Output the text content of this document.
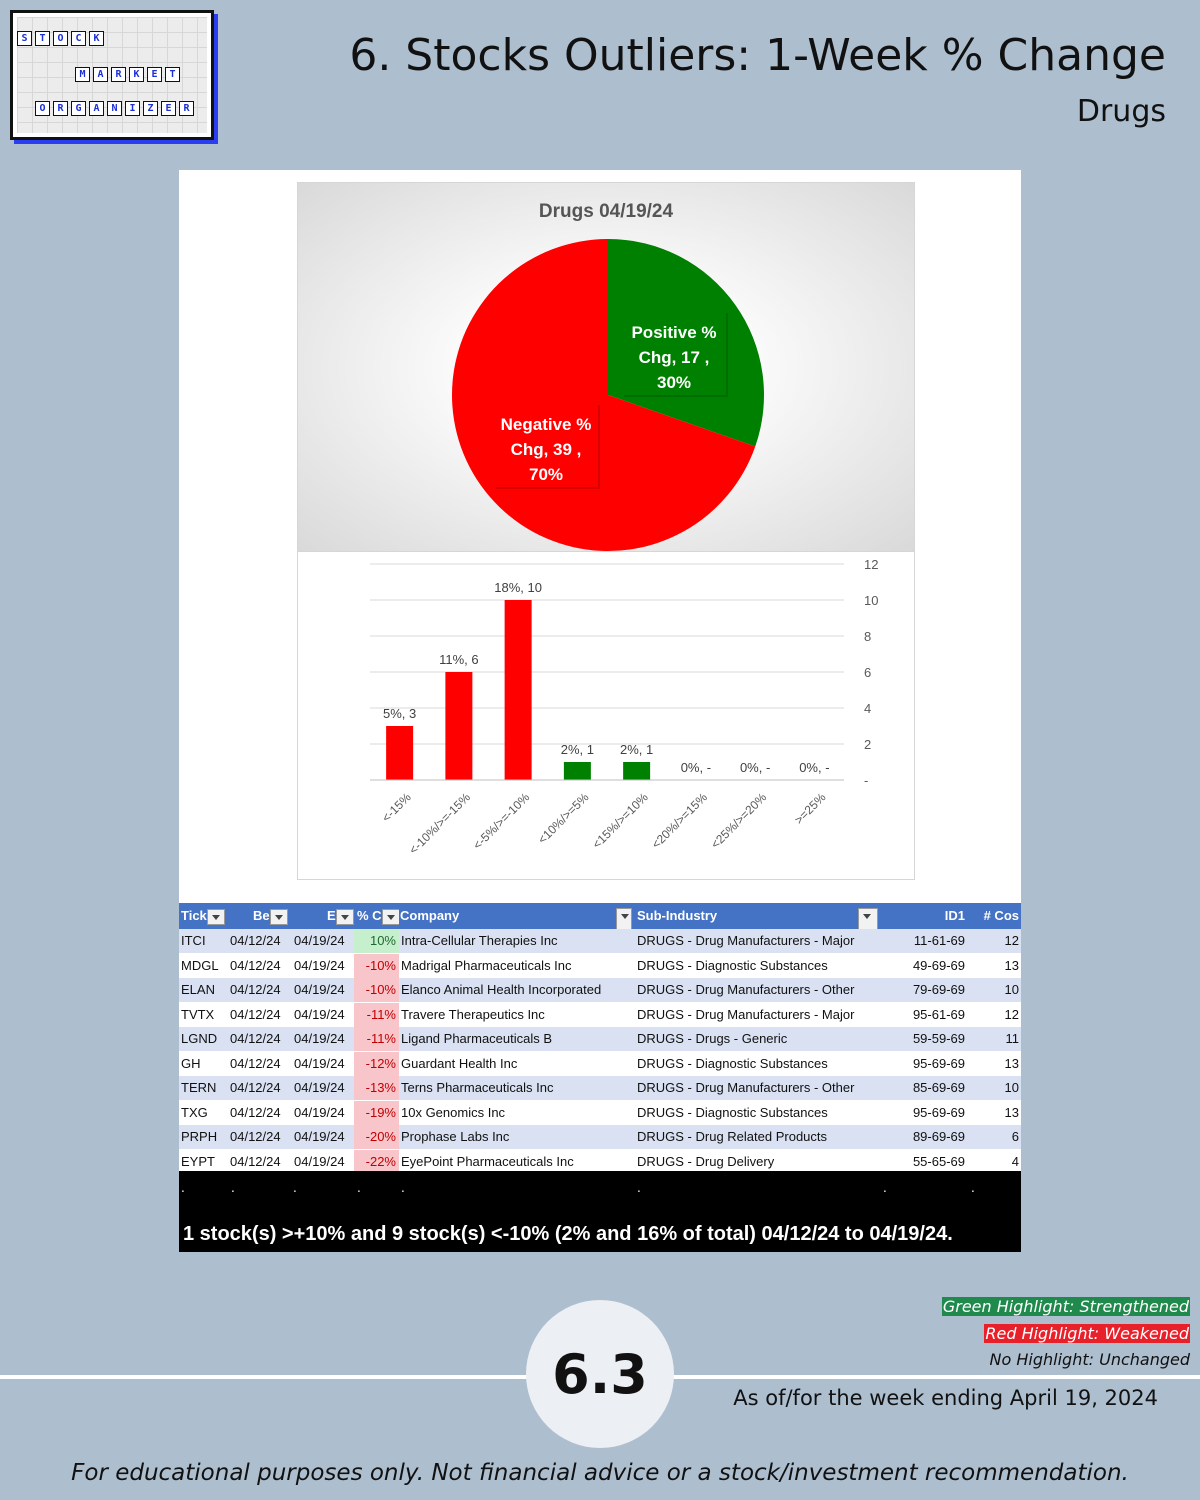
S	T	O	C	K
M	A	R	K	E	T
O	R	G	A	N	I	Z	E	R
6. Stocks Outliers: 1-Week % Change
Drugs
Drugs 04/19/24
Positive %
Chg, 17 ,
30%
Negative %
Chg, 39 ,
70%
-
2
4
6
8
10
12
5%, 3
<-15%
11%, 6
<-10%/>=-15%
18%, 10
<-5%/>=-10%
2%, 1
<10%/>=5%
2%, 1
<15%/>=10%
0%, -
<20%/>=15%
0%, -
<25%/>=20%
0%, -
>=25%
Tick	Be	E	% C	Company	Sub-Industry	ID1	# Cos
ITCI	04/12/24	04/19/24	10% Intra-Cellular Therapies Inc	DRUGS - Drug Manufacturers - Major	11-61-69	12
MDGL 04/12/24	04/19/24	-10% Madrigal Pharmaceuticals Inc	DRUGS - Diagnostic Substances	49-69-69	13
ELAN	04/12/24	04/19/24	-10% Elanco Animal Health Incorporated	DRUGS - Drug Manufacturers - Other	79-69-69	10
TVTX	04/12/24	04/19/24	-11% Travere Therapeutics Inc	DRUGS - Drug Manufacturers - Major	95-61-69	12
LGND 04/12/24	04/19/24	-11% Ligand Pharmaceuticals B	DRUGS - Drugs - Generic	59-59-69	11
GH	04/12/24	04/19/24	-12% Guardant Health Inc	DRUGS - Diagnostic Substances	95-69-69	13
TERN	04/12/24	04/19/24	-13% Terns Pharmaceuticals Inc	DRUGS - Drug Manufacturers - Other	85-69-69	10
TXG	04/12/24	04/19/24	-19% 10x Genomics Inc	DRUGS - Diagnostic Substances	95-69-69	13
PRPH 04/12/24	04/19/24	-20% Prophase Labs Inc	DRUGS - Drug Related Products	89-69-69	6
EYPT	04/12/24	04/19/24	-22% EyePoint Pharmaceuticals Inc	DRUGS - Drug Delivery	55-65-69	4
.	.	.	.	.	.	.	.
1 stock(s) >+10% and 9 stock(s) <-10% (2% and 16% of total) 04/12/24 to 04/19/24.
Green Highlight: Strengthened
Red Highlight: Weakened
No Highlight: Unchanged
6.3	As of/for the week ending April 19, 2024
For educational purposes only. Not financial advice or a stock/investment recommendation.
